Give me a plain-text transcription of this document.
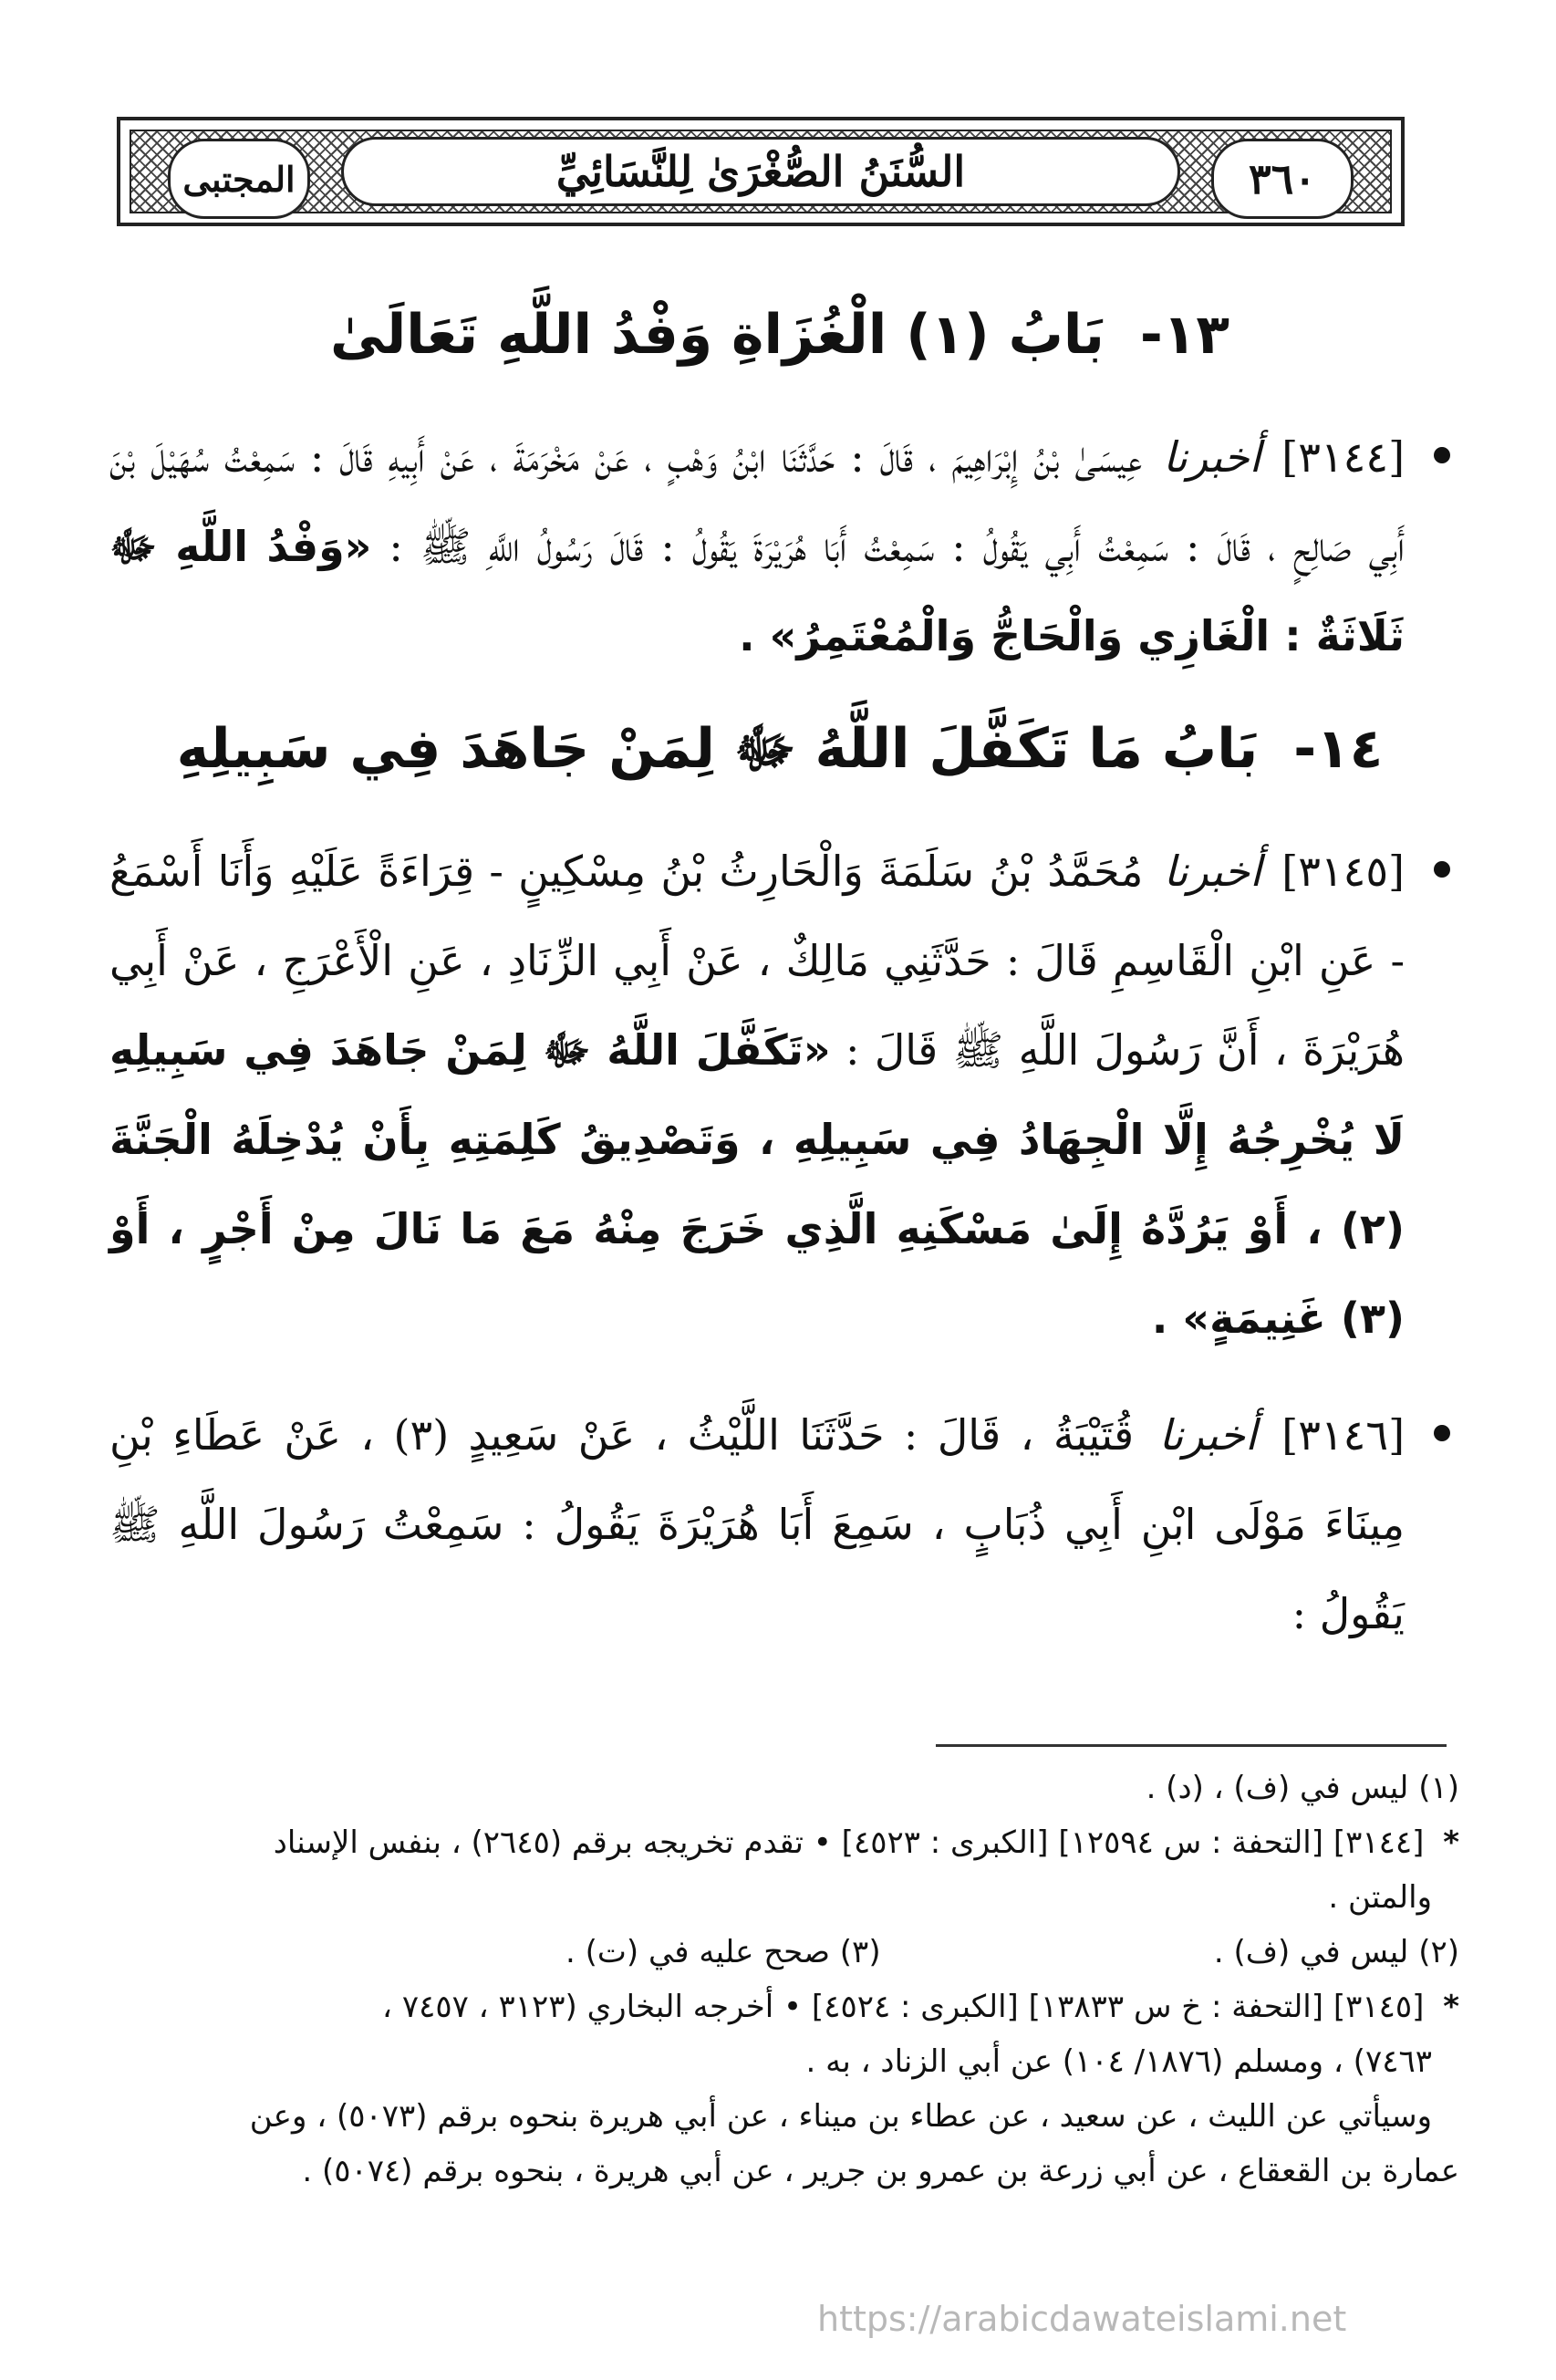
المجتبى	السُّنَنُ الصُّغْرَىٰ لِلنَّسَائِيِّ	٣٦٠
١٣- بَابُ (١) الْغُزَاةِ وَفْدُ اللَّهِ تَعَالَىٰ
[٣١٤٤] أخبرنا عِيسَىٰ بْنُ إِبْرَاهِيمَ ، قَالَ : حَدَّثَنَا ابْنُ وَهْبٍ ، عَنْ مَخْرَمَةَ ، عَنْ أَبِيهِ قَالَ : سَمِعْتُ سُهَيْلَ بْنَ أَبِي صَالِحٍ ، قَالَ : سَمِعْتُ أَبِي يَقُولُ : سَمِعْتُ أَبَا هُرَيْرَةَ يَقُولُ : قَالَ رَسُولُ اللَّهِ ﷺ : «وَفْدُ اللَّهِ ﷻ ثَلَاثَةٌ : الْغَازِي وَالْحَاجُّ وَالْمُعْتَمِرُ» .
١٤- بَابُ مَا تَكَفَّلَ اللَّهُ ﷻ لِمَنْ جَاهَدَ فِي سَبِيلِهِ
[٣١٤٥] أخبرنا مُحَمَّدُ بْنُ سَلَمَةَ وَالْحَارِثُ بْنُ مِسْكِينٍ - قِرَاءَةً عَلَيْهِ وَأَنَا أَسْمَعُ - عَنِ ابْنِ الْقَاسِمِ قَالَ : حَدَّثَنِي مَالِكٌ ، عَنْ أَبِي الزِّنَادِ ، عَنِ الْأَعْرَجِ ، عَنْ أَبِي هُرَيْرَةَ ، أَنَّ رَسُولَ اللَّهِ ﷺ قَالَ : «تَكَفَّلَ اللَّهُ ﷻ لِمَنْ جَاهَدَ فِي سَبِيلِهِ لَا يُخْرِجُهُ إِلَّا الْجِهَادُ فِي سَبِيلِهِ ، وَتَصْدِيقُ كَلِمَتِهِ بِأَنْ يُدْخِلَهُ الْجَنَّةَ (٢) ، أَوْ يَرُدَّهُ إِلَىٰ مَسْكَنِهِ الَّذِي خَرَجَ مِنْهُ مَعَ مَا نَالَ مِنْ أَجْرٍ ، أَوْ (٣) غَنِيمَةٍ» .
[٣١٤٦] أخبرنا قُتَيْبَةُ ، قَالَ : حَدَّثَنَا اللَّيْثُ ، عَنْ سَعِيدٍ (٣) ، عَنْ عَطَاءِ بْنِ مِينَاءَ مَوْلَى ابْنِ أَبِي ذُبَابٍ ، سَمِعَ أَبَا هُرَيْرَةَ يَقُولُ : سَمِعْتُ رَسُولَ اللَّهِ ﷺ يَقُولُ :
(١) ليس في (ف) ، (د) .
* [٣١٤٤] [التحفة : س ١٢٥٩٤] [الكبرى : ٤٥٢٣] • تقدم تخريجه برقم (٢٦٤٥) ، بنفس الإسناد
والمتن .
(٢) ليس في (ف) .
(٣) صحح عليه في (ت) .
* [٣١٤٥] [التحفة : خ س ١٣٨٣٣] [الكبرى : ٤٥٢٤] • أخرجه البخاري (٣١٢٣ ، ٧٤٥٧ ،
٧٤٦٣) ، ومسلم (١٨٧٦/ ١٠٤) عن أبي الزناد ، به .
وسيأتي عن الليث ، عن سعيد ، عن عطاء بن ميناء ، عن أبي هريرة بنحوه برقم (٥٠٧٣) ، وعن
عمارة بن القعقاع ، عن أبي زرعة بن عمرو بن جرير ، عن أبي هريرة ، بنحوه برقم (٥٠٧٤) .
https://arabicdawateislami.net
